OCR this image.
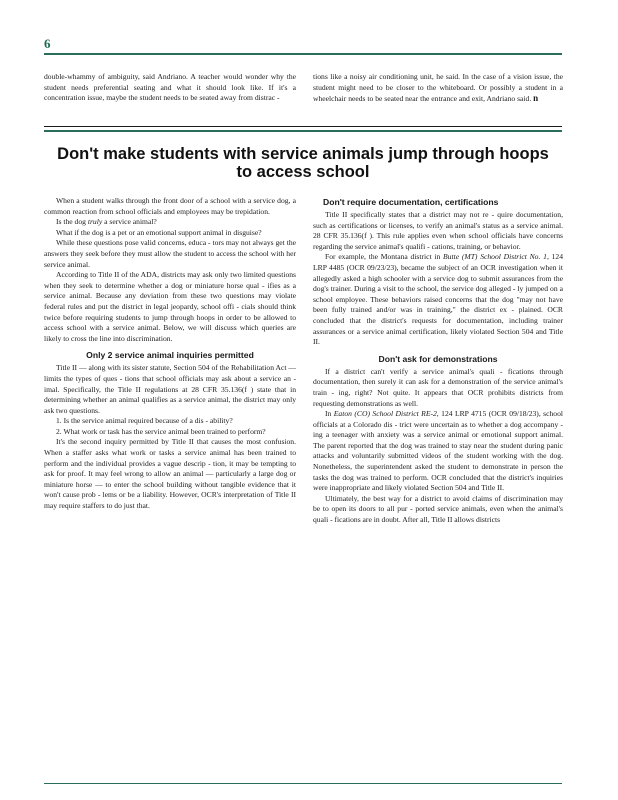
6

double-whammy of ambiguity, said Andriano. A teacher would wonder why the student needs preferential seating and what it should look like. If it's a concentration issue, maybe the student needs to be seated away from distrac -

tions like a noisy air conditioning unit, he said. In the case of a vision issue, the student might need to be closer to the whiteboard. Or possibly a student in a wheelchair needs to be seated near the entrance and exit, Andriano said. n

Don't make students with service animals jump through hoops
to access school

When a student walks through the front door of a school with a service dog, a common reaction from school officials and employees may be trepidation.

Is the dog truly a service animal?

What if the dog is a pet or an emotional support animal in disguise?

While these questions pose valid concerns, educa - tors may not always get the answers they seek before they must allow the student to access the school with her service animal.

According to Title II of the ADA, districts may ask only two limited questions when they seek to determine whether a dog or miniature horse qual - ifies as a service animal. Because any deviation from these two questions may violate federal rules and put the district in legal jeopardy, school offi - cials should think twice before requiring students to jump through hoops in order to be allowed to access school with a service animal. Below, we will discuss which queries are likely to cross the line into discrimination.

Only 2 service animal inquiries permitted

Title II — along with its sister statute, Section 504 of the Rehabilitation Act — limits the types of ques - tions that school officials may ask about a service an - imal. Specifically, the Title II regulations at 28 CFR 35.136(f ) state that in determining whether an animal qualifies as a service animal, the district may only ask two questions.

1. Is the service animal required because of a dis - ability?

2. What work or task has the service animal been trained to perform?

It's the second inquiry permitted by Title II that causes the most confusion. When a staffer asks what work or tasks a service animal has been trained to perform and the individual provides a vague descrip - tion, it may be tempting to ask for proof. It may feel wrong to allow an animal — particularly a large dog or miniature horse — to enter the school building without tangible evidence that it won't cause prob - lems or be a liability. However, OCR's interpretation of Title II may require staffers to do just that.

Don't require documentation, certifications

Title II specifically states that a district may not re - quire documentation, such as certifications or licenses, to verify an animal's status as a service animal. 28 CFR 35.136(f ). This rule applies even when school officials have concerns regarding the service animal's qualifi - cations, training, or behavior.

For example, the Montana district in Butte (MT) School District No. 1, 124 LRP 4485 (OCR 09/23/23), became the subject of an OCR investigation when it allegedly asked a high schooler with a service dog to submit assurances from the dog's trainer. During a visit to the school, the service dog alleged - ly jumped on a school employee. These behaviors raised concerns that the dog "may not have been fully trained and/or was in training," the district ex - plained. OCR concluded that the district's requests for documentation, including trainer assurances or a service animal certification, likely violated Section 504 and Title II.

Don't ask for demonstrations

If a district can't verify a service animal's quali - fications through documentation, then surely it can ask for a demonstration of the service animal's train - ing, right? Not quite. It appears that OCR prohibits districts from requesting demonstrations as well.

In Eaton (CO) School District RE-2, 124 LRP 4715 (OCR 09/18/23), school officials at a Colorado dis - trict were uncertain as to whether a dog accompany - ing a teenager with anxiety was a service animal or emotional support animal. The parent reported that the dog was trained to stay near the student during panic attacks and voluntarily submitted videos of the student working with the dog. Nonetheless, the superintendent asked the student to demonstrate in person the tasks the dog was trained to perform. OCR concluded that the district's inquiries were inappropriate and likely violated Section 504 and Title II.

Ultimately, the best way for a district to avoid claims of discrimination may be to open its doors to all pur - ported service animals, even when the animal's quali - fications are in doubt. After all, Title II allows districts
